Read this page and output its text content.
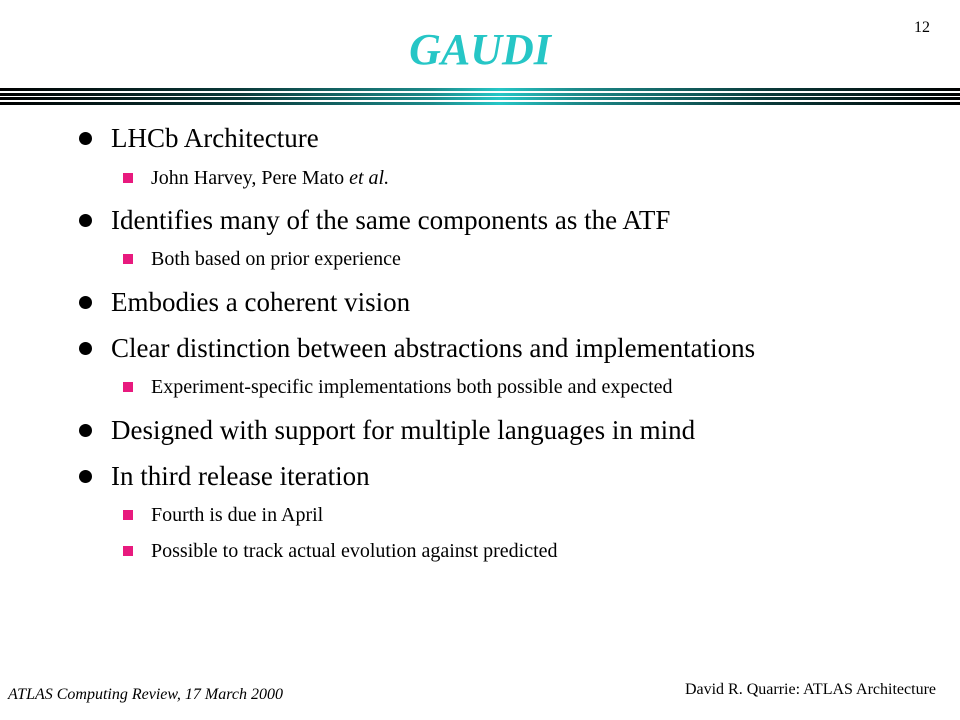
GAUDI	12
LHCb Architecture
John Harvey, Pere Mato et al.
Identifies many of the same components as the ATF
Both based on prior experience
Embodies a coherent vision
Clear distinction between abstractions and implementations
Experiment-specific implementations both possible and expected
Designed with support for multiple languages in mind
In third release iteration
Fourth is due in April
Possible to track actual evolution against predicted
ATLAS Computing Review, 17 March 2000	David R. Quarrie: ATLAS Architecture
